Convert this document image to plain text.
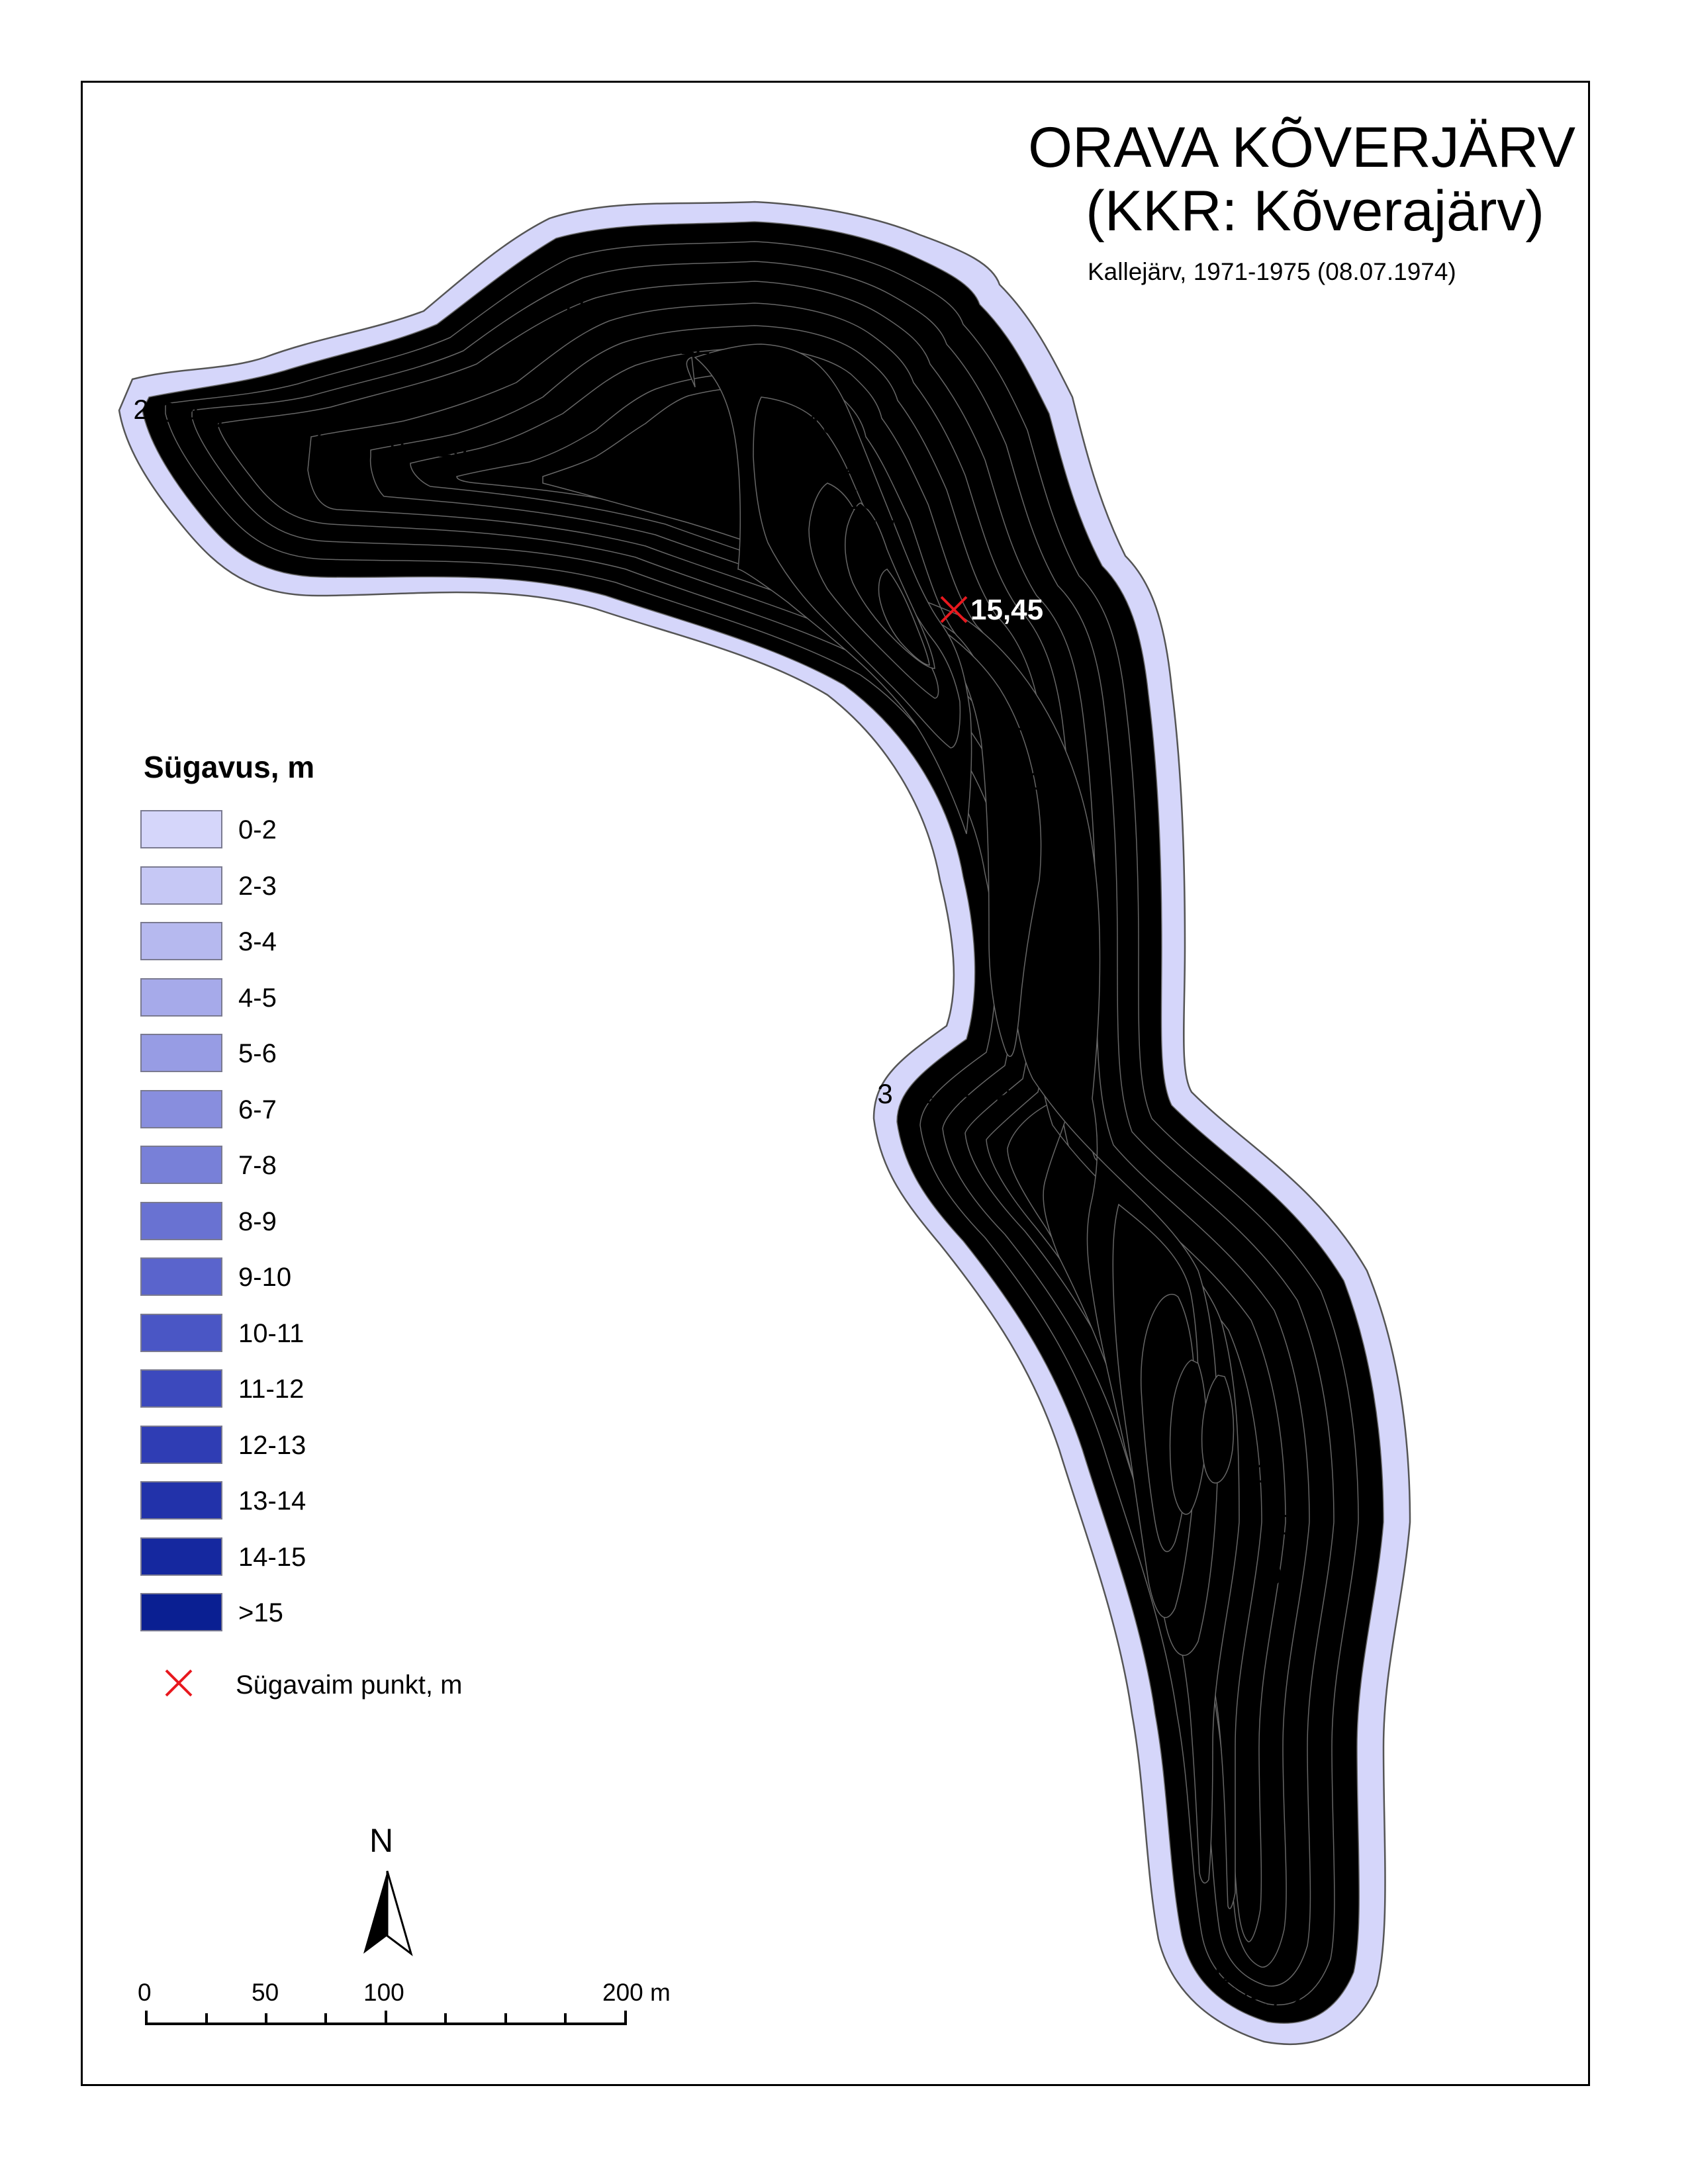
2 3 4 5
6
7 8 9 10	5
11
12
13
14
15
14
13
12
11
10
9
8
7
3 4 5 6 12
11
10
9
8
7
6
5 4 3 2
15,45
ORAVA KÕVERJÄRV
(KKR: Kõverajärv)
Kallejärv, 1971-1975 (08.07.1974)
Sügavus, m
0-2
2-3
3-4
4-5
5-6
6-7
7-8
8-9
9-10
10-11
11-12
12-13
13-14
14-15
>15
Sügavaim punkt, m
N
0	50	100	200 m
